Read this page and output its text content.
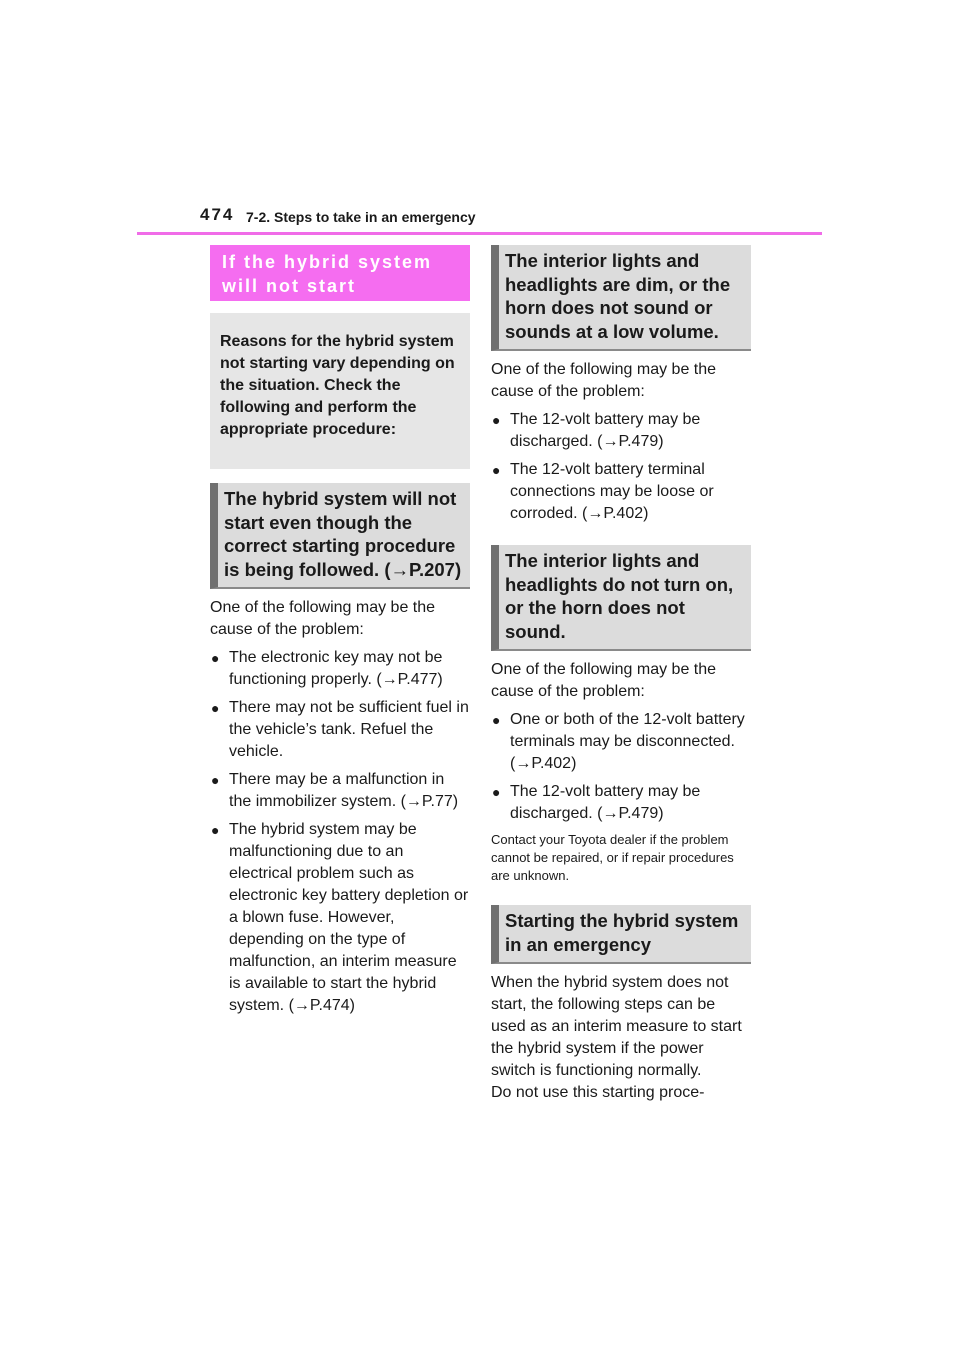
474 7-2. Steps to take in an emergency
If the hybrid system will not start
Reasons for the hybrid system not starting vary depending on the situation. Check the following and perform the appropriate procedure:
The hybrid system will not start even though the correct starting procedure is being followed. (→P.207)
One of the following may be the cause of the problem:
● The electronic key may not be functioning properly. (→P.477)
● There may not be sufficient fuel in the vehicle’s tank. Refuel the vehicle.
● There may be a malfunction in the immobilizer system. (→P.77)
● The hybrid system may be malfunctioning due to an electrical problem such as electronic key battery depletion or a blown fuse. However, depending on the type of malfunction, an interim measure is available to start the hybrid system. (→P.474)
The interior lights and headlights are dim, or the horn does not sound or sounds at a low volume.
One of the following may be the cause of the problem:
● The 12-volt battery may be discharged. (→P.479)
● The 12-volt battery terminal connections may be loose or corroded. (→P.402)
The interior lights and headlights do not turn on, or the horn does not sound.
One of the following may be the cause of the problem:
● One or both of the 12-volt battery terminals may be disconnected. (→P.402)
● The 12-volt battery may be discharged. (→P.479)
Contact your Toyota dealer if the problem cannot be repaired, or if repair procedures are unknown.
Starting the hybrid system in an emergency
When the hybrid system does not start, the following steps can be used as an interim measure to start the hybrid system if the power switch is functioning normally.
Do not use this starting proce-
